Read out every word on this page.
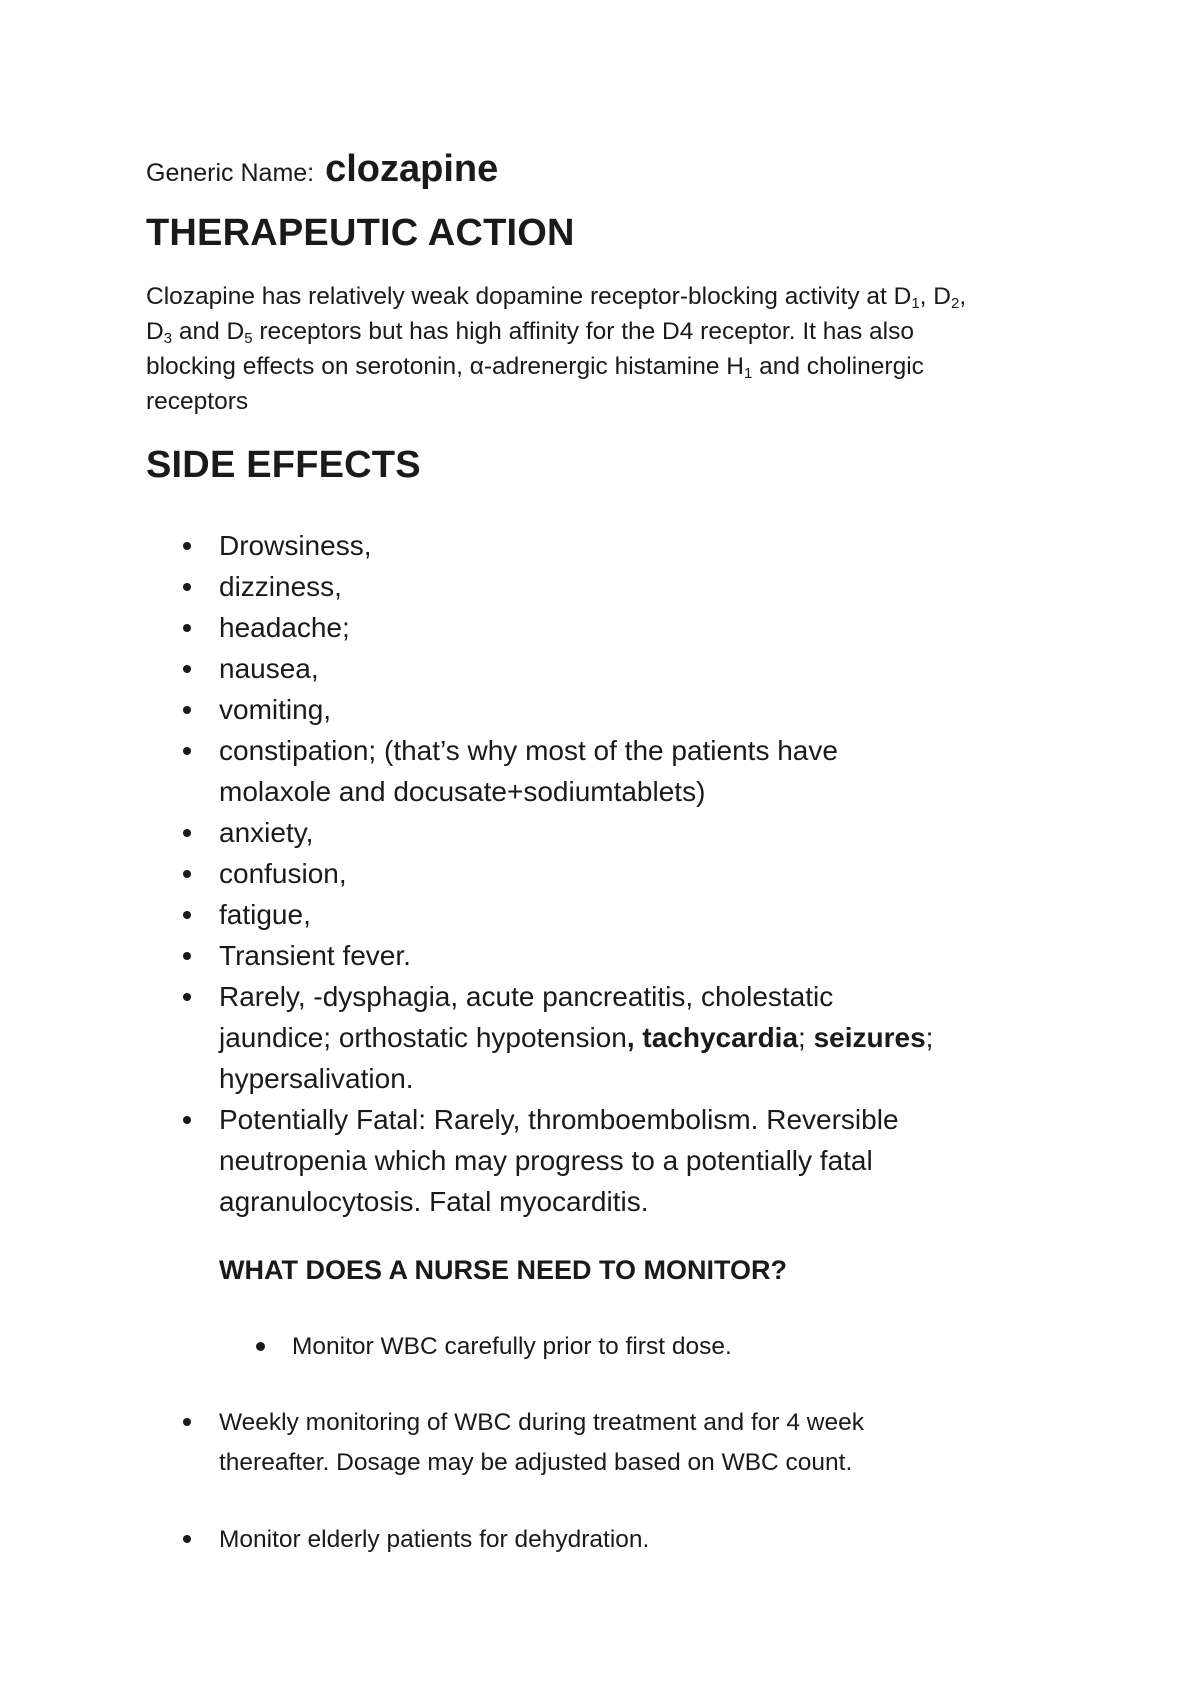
Generic Name: clozapine

THERAPEUTIC ACTION

Clozapine has relatively weak dopamine receptor-blocking activity at $D_1$, $D_2$,

$D_3$ and $D_5$ receptors but has high affinity for the D4 receptor. It has also

blocking effects on serotonin, α-adrenergic histamine $H_1$ and cholinergic

receptors

SIDE EFFECTS
Drowsiness,
dizziness,
headache;
nausea,
vomiting,
constipation; (that’s why most of the patients have
molaxole and docusate+sodiumtablets)
anxiety,
confusion,
fatigue,
Transient fever.
Rarely, -dysphagia, acute pancreatitis, cholestatic
jaundice; orthostatic hypotension, tachycardia; seizures;
hypersalivation.
Potentially Fatal: Rarely, thromboembolism. Reversible
neutropenia which may progress to a potentially fatal
agranulocytosis. Fatal myocarditis.
WHAT DOES A NURSE NEED TO MONITOR?
Monitor WBC carefully prior to first dose.
Weekly monitoring of WBC during treatment and for 4 week
thereafter. Dosage may be adjusted based on WBC count.
Monitor elderly patients for dehydration.
